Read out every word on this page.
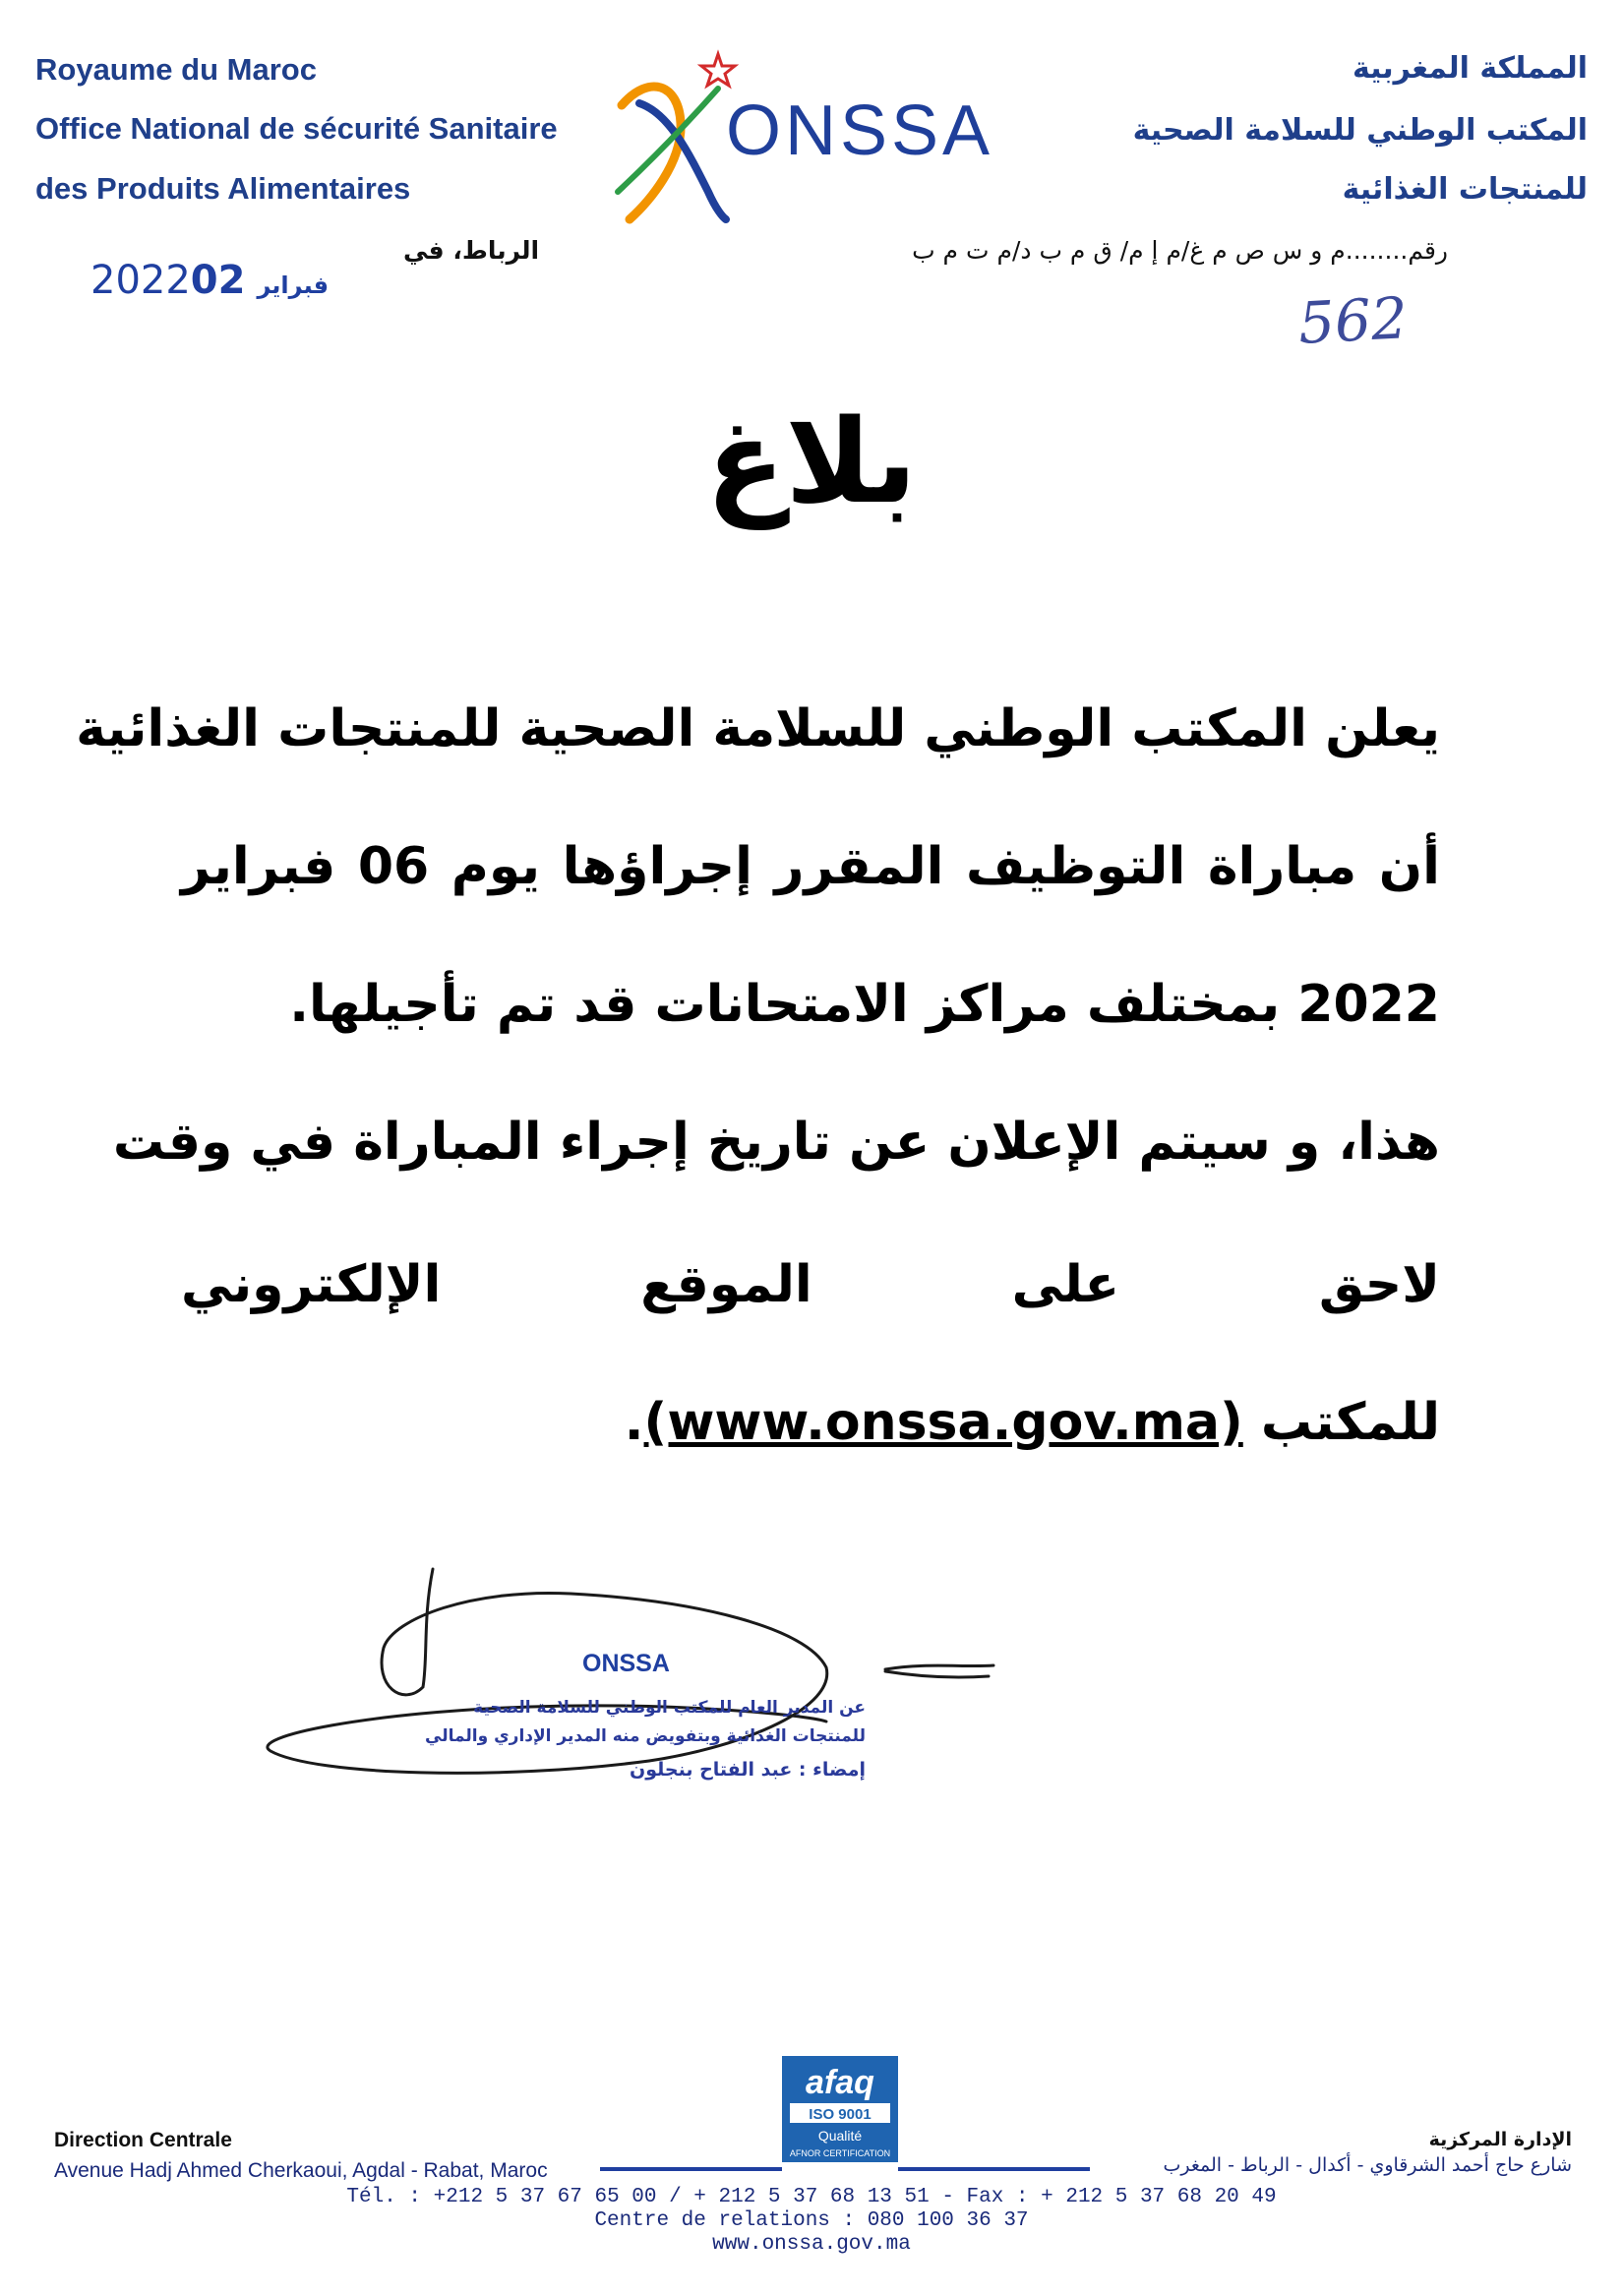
Royaume du Maroc
Office National de sécurité Sanitaire
des Produits Alimentaires
ONSSA
المملكة المغربية
المكتب الوطني للسلامة الصحية
للمنتجات الغذائية
رقم........م و س ص م غ/م إ م/ ق م ب د/م ت م ب
الرباط، في
2022	فبراير02
562
بلاغ
يعلن المكتب الوطني للسلامة الصحية للمنتجات الغذائية
أن مباراة التوظيف المقرر إجراؤها يوم 06 فبراير
2022 بمختلف مراكز الامتحانات قد تم تأجيلها.
هذا، و سيتم الإعلان عن تاريخ إجراء المباراة في وقت
لاحق على الموقع الإلكتروني
للمكتب (www.onssa.gov.ma).
ONSSA
عن المدير العام للمكتب الوطني للسلامة الصحية
للمنتجات الغذائية وبتفويض منه المدير الإداري والمالي
إمضاء : عبد الفتاح بنجلون
afaq
ISO 9001
Qualité
AFNOR CERTIFICATION
Direction Centrale
Avenue Hadj Ahmed Cherkaoui, Agdal - Rabat, Maroc
الإدارة المركزية
شارع حاج أحمد الشرقاوي - أكدال - الرباط - المغرب
Tél. : +212 5 37 67 65 00 / + 212 5 37 68 13 51 - Fax : + 212 5 37 68 20 49
Centre de relations : 080 100 36 37
www.onssa.gov.ma
